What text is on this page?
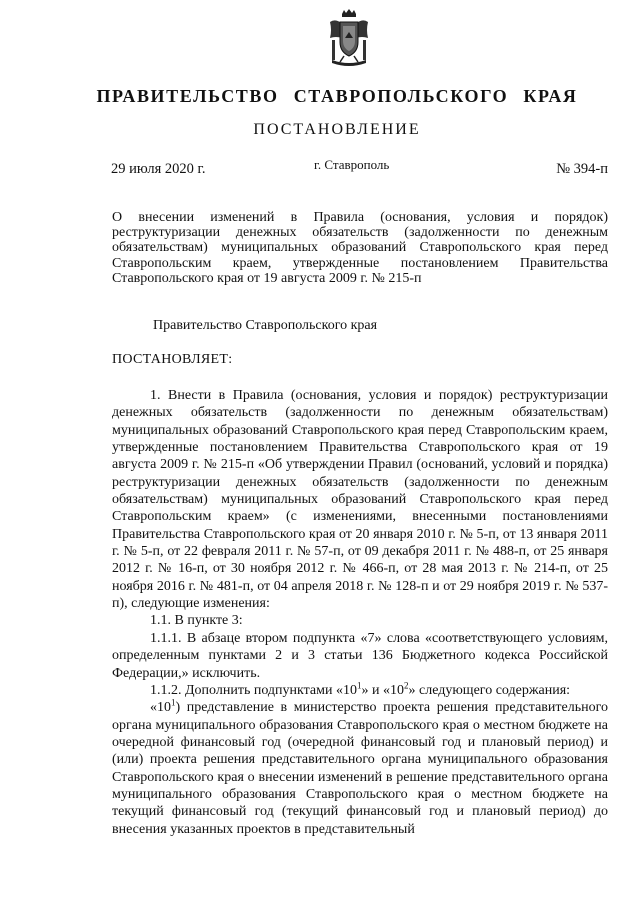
ПРАВИТЕЛЬСТВО СТАВРОПОЛЬСКОГО КРАЯ
ПОСТАНОВЛЕНИЕ
29 июля 2020 г.	г. Ставрополь	№ 394-п
О внесении изменений в Правила (основания, условия и порядок) реструктуризации денежных обязательств (задолженности по денежным обязательствам) муниципальных образований Ставропольского края перед Ставропольским краем, утвержденные постановлением Правительства Ставропольского края от 19 августа 2009 г. № 215-п
Правительство Ставропольского края
ПОСТАНОВЛЯЕТ:

1. Внести в Правила (основания, условия и порядок) реструктуризации денежных обязательств (задолженности по денежным обязательствам) муниципальных образований Ставропольского края перед Ставропольским краем, утвержденные постановлением Правительства Ставропольского края от 19 августа 2009 г. № 215-п «Об утверждении Правил (оснований, условий и порядка) реструктуризации денежных обязательств (задолженности по денежным обязательствам) муниципальных образований Ставропольского края перед Ставропольским краем» (с изменениями, внесенными постановлениями Правительства Ставропольского края от 20 января 2010 г. № 5-п, от 13 января 2011 г. № 5-п, от 22 февраля 2011 г. № 57-п, от 09 декабря 2011 г. № 488-п, от 25 января 2012 г. № 16-п, от 30 ноября 2012 г. № 466-п, от 28 мая 2013 г. № 214-п, от 25 ноября 2016 г. № 481-п, от 04 апреля 2018 г. № 128-п и от 29 ноября 2019 г. № 537-п), следующие изменения:

1.1. В пункте 3:

1.1.1. В абзаце втором подпункта «7» слова «соответствующего условиям, определенным пунктами 2 и 3 статьи 136 Бюджетного кодекса Российской Федерации,» исключить.

1.1.2. Дополнить подпунктами «$10^1$» и «$10^2$» следующего содержания:

«$10^1$) представление в министерство проекта решения представительного органа муниципального образования Ставропольского края о местном бюджете на очередной финансовый год (очередной финансовый год и плановый период) и (или) проекта решения представительного органа муниципального образования Ставропольского края о внесении изменений в решение представительного органа муниципального образования Ставропольского края о местном бюджете на текущий финансовый год (текущий финансовый год и плановый период) до внесения указанных проектов в представительный
